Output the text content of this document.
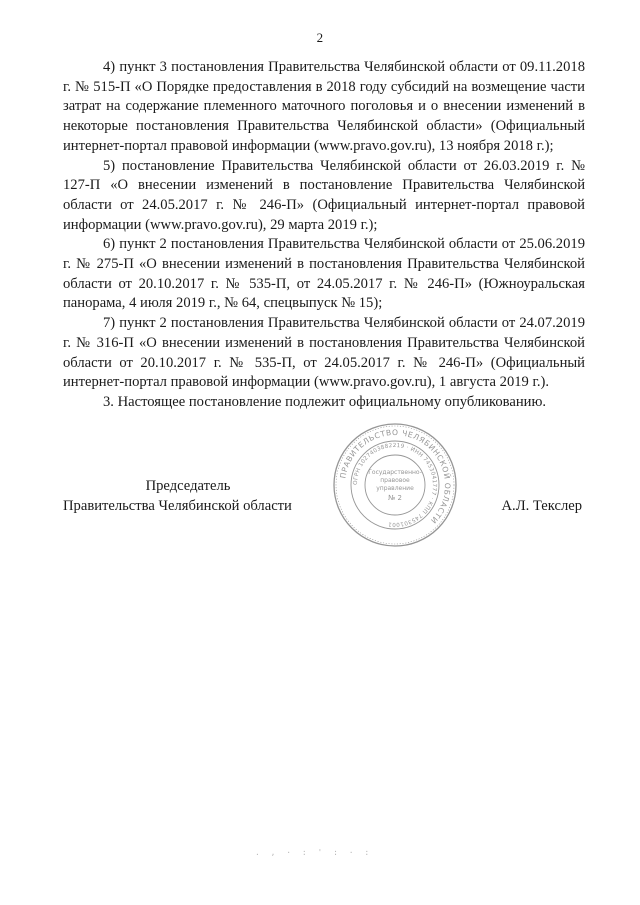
2

4) пункт 3 постановления Правительства Челябинской области от 09.11.2018 г. № 515-П «О Порядке предоставления в 2018 году субсидий на возмещение части затрат на содержание племенного маточного поголовья и о внесении изменений в некоторые постановления Правительства Челябинской области» (Официальный интернет-портал правовой информации (www.pravo.gov.ru), 13 ноября 2018 г.);

5) постановление Правительства Челябинской области от 26.03.2019 г. № 127-П «О внесении изменений в постановление Правительства Челябинской области от 24.05.2017 г. № 246-П» (Официальный интернет-портал правовой информации (www.pravo.gov.ru), 29 марта 2019 г.);

6) пункт 2 постановления Правительства Челябинской области от 25.06.2019 г. № 275-П «О внесении изменений в постановления Правительства Челябинской области от 20.10.2017 г. № 535-П, от 24.05.2017 г. № 246-П» (Южноуральская панорама, 4 июля 2019 г., № 64, спецвыпуск № 15);

7) пункт 2 постановления Правительства Челябинской области от 24.07.2019 г. № 316-П «О внесении изменений в постановления Правительства Челябинской области от 20.10.2017 г. № 535-П, от 24.05.2017 г. № 246-П» (Официальный интернет-портал правовой информации (www.pravo.gov.ru), 1 августа 2019 г.).

3. Настоящее постановление подлежит официальному опубликованию.

ПРАВИТЕЛЬСТВО ЧЕЛЯБИНСКОЙ ОБЛАСТИ
ОГРН 1027403882219 · ИНН 7453041777 · КПП 745301001
Государственно-
правовое
управление
№ 2
Председатель
Правительства Челябинской области	А.Л. Текслер
. , · : ' : · :
